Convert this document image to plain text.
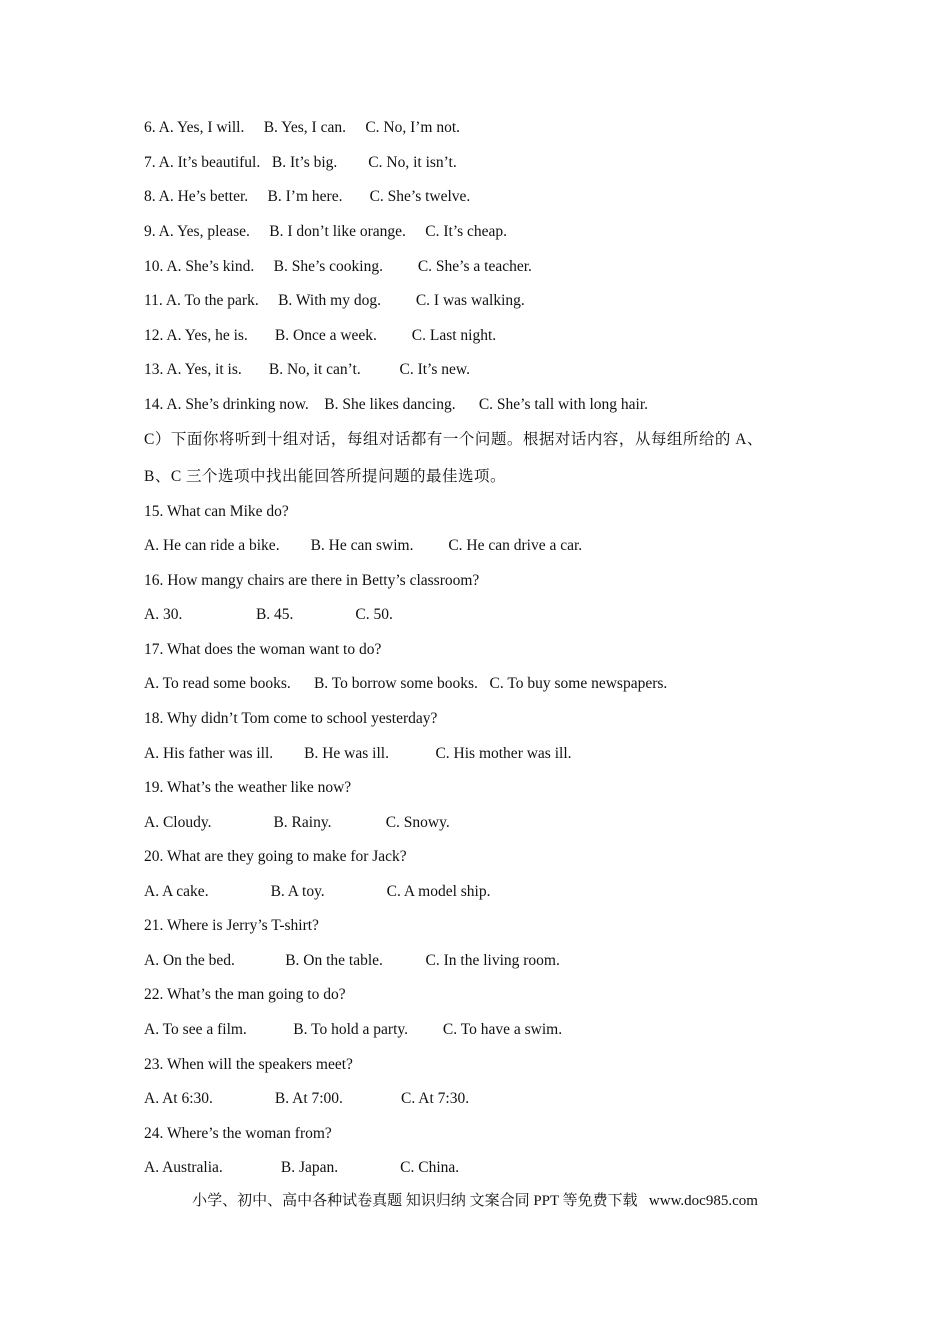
6. A. Yes, I will.     B. Yes, I can.     C. No, I’m not.
7. A. It’s beautiful.   B. It’s big.        C. No, it isn’t.
8. A. He’s better.     B. I’m here.       C. She’s twelve.
9. A. Yes, please.     B. I don’t like orange.     C. It’s cheap.
10. A. She’s kind.     B. She’s cooking.         C. She’s a teacher.
11. A. To the park.     B. With my dog.         C. I was walking.
12. A. Yes, he is.       B. Once a week.         C. Last night.
13. A. Yes, it is.       B. No, it can’t.          C. It’s new.
14. A. She’s drinking now.    B. She likes dancing.      C. She’s tall with long hair.
C）下面你将听到十组对话，每组对话都有一个问题。根据对话内容，从每组所给的 A、
B、C 三个选项中找出能回答所提问题的最佳选项。
15. What can Mike do?
A. He can ride a bike.        B. He can swim.         C. He can drive a car.
16. How mangy chairs are there in Betty’s classroom?
A. 30.                   B. 45.                C. 50.
17. What does the woman want to do?
A. To read some books.      B. To borrow some books.   C. To buy some newspapers.
18. Why didn’t Tom come to school yesterday?
A. His father was ill.        B. He was ill.            C. His mother was ill.
19. What’s the weather like now?
A. Cloudy.                B. Rainy.              C. Snowy.
20. What are they going to make for Jack?
A. A cake.                B. A toy.                C. A model ship.
21. Where is Jerry’s T-shirt?
A. On the bed.             B. On the table.           C. In the living room.
22. What’s the man going to do?
A. To see a film.            B. To hold a party.         C. To have a swim.
23. When will the speakers meet?
A. At 6:30.                B. At 7:00.               C. At 7:30.
24. Where’s the woman from?
A. Australia.               B. Japan.                C. China.
小学、初中、高中各种试卷真题 知识归纳 文案合同 PPT 等免费下载   www.doc985.com
